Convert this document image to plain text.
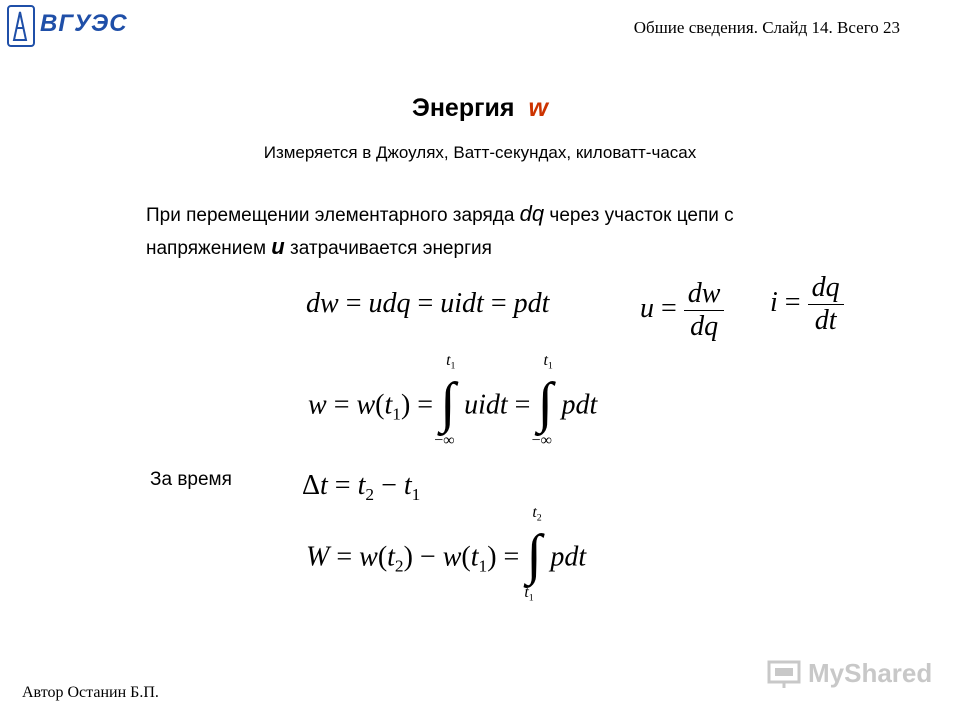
ВГУЭС	Обшие сведения. Слайд 14. Всего 23
Энергия w
Измеряется в Джоулях, Ватт-секундах, киловатт-часах
При перемещении элементарного заряда dq через участок цепи с напряжением u затрачивается энергия
dw = udq = uidt = pdt	$u = \frac{dw}{dq}$ $i = \frac{dq}{dt}$
$w = w(t_1)$ = ∫
$t_1$
−∞
uidt = ∫
$t_1$
−∞
pdt
За время	$\Delta t = t_2 - t_1$
$W = w(t_2) - w(t_1)$ = ∫
$t_2$
$t_1$
pdt
Автор Останин Б.П.
MyShared
